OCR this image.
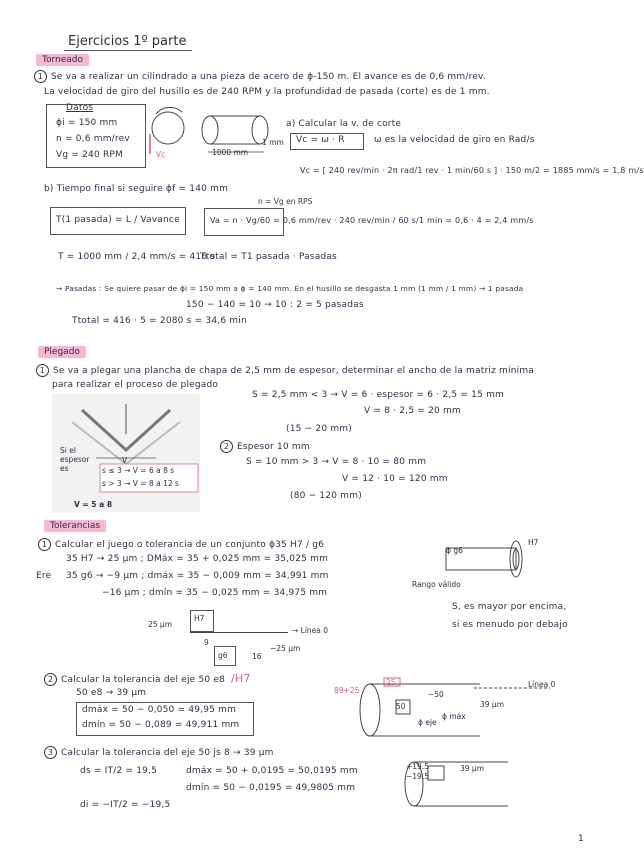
Ejercicios 1º parte
Torneado
1 Se va a realizar un cilindrado a una pieza de acero de ϕ-150 m. El avance es de 0,6 mm/rev.
La velocidad de giro del husillo es de 240 RPM y la profundidad de pasada (corte) es de 1 mm.
Datos
ϕi = 150 mm
n = 0,6 mm/rev
Vg = 240 RPM	Vc	1000 mm
1 mm
a) Calcular la v. de corte
Vc = ω · R	ω es la velocidad de giro en Rad/s
Vc = [ 240 rev/min · 2π rad/1 rev · 1 min/60 s ] · 150 m/2 = 1885 mm/s = 1,8 m/s
b) Tiempo final si seguire ϕf = 140 mm
T(1 pasada) = L / Vavance
n = Vg en RPS
Va = n · Vg/60 = 0,6 mm/rev · 240 rev/min / 60 s/1 min = 0,6 · 4 = 2,4 mm/s
T = 1000 mm / 2,4 mm/s = 416 s
Ttotal = T1 pasada · Pasadas
→ Pasadas : Se quiere pasar de ϕi = 150 mm a ϕ = 140 mm. En el husillo se desgasta 1 mm (1 mm / 1 mm) → 1 pasada
150 − 140 = 10 → 10 : 2 = 5 pasadas
Ttotal = 416 · 5 = 2080 s = 34,6 min
Plegado
1 Se va a plegar una plancha de chapa de 2,5 mm de espesor, determinar el ancho de la matriz mínima
para realizar el proceso de plegado
Si el espesor es	s ≤ 3 → V = 6 a 8 s
s > 3 → V = 8 a 12 s
V = 5 a 8
V
S = 2,5 mm < 3 → V = 6 · espesor = 6 · 2,5 = 15 mm
V = 8 · 2,5 = 20 mm
(15 − 20 mm)
2 Espesor 10 mm
S = 10 mm > 3 → V = 8 · 10 = 80 mm
V = 12 · 10 = 120 mm
(80 − 120 mm)
Tolerancias
1 Calcular el juego o tolerancia de un conjunto ϕ35 H7 / g6
35 H7 → 25 μm ; DMáx = 35 + 0,025 mm = 35,025 mm
Ere 35 g6 → −9 μm ; dmáx = 35 − 0,009 mm = 34,991 mm
−16 μm ; dmín = 35 − 0,025 mm = 34,975 mm
Rango válido
ϕ g6
H7
S, es mayor por encima,
si es menudo por debajo
H7
25 μm
→ Línea 0
g6
9
16
−25 μm
2 Calcular la tolerancia del eje 50 e8 /H7
50 e8 → 39 μm
dmáx = 50 − 0,050 = 49,95 mm
dmín = 50 − 0,089 = 49,911 mm
89+25	−50
39 μm
Línea 0
50
25
ϕ eje
ϕ máx
3 Calcular la tolerancia del eje 50 js 8 → 39 μm
ds = IT/2 = 19,5	dmáx = 50 + 0,0195 = 50,0195 mm
dmín = 50 − 0,0195 = 49,9805 mm
di = −IT/2 = −19,5
39 μm
+19.5
−19.5
1
